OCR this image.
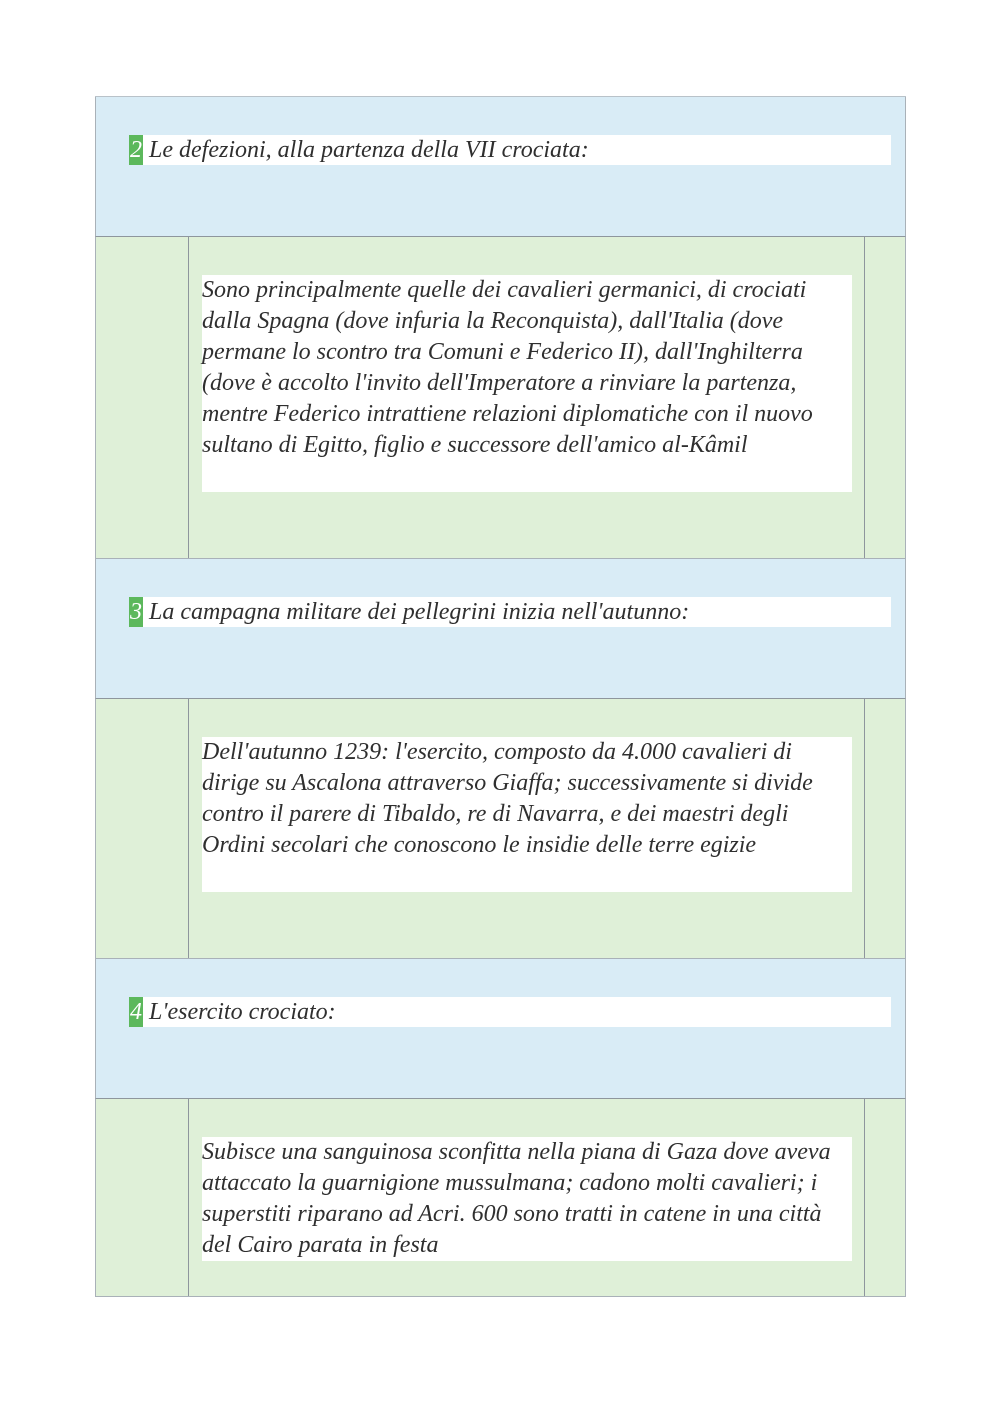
2 Le defezioni, alla partenza della VII crociata:
Sono principalmente quelle dei cavalieri germanici, di crociati dalla Spagna (dove infuria la Reconquista), dall'Italia (dove permane lo scontro tra Comuni e Federico II), dall'Inghilterra (dove è accolto l'invito dell'Imperatore a rinviare la partenza, mentre Federico intrattiene relazioni diplomatiche con il nuovo sultano di Egitto, figlio e successore dell'amico al-Kâmil
3 La campagna militare dei pellegrini inizia nell'autunno:
Dell'autunno 1239: l'esercito, composto da 4.000 cavalieri di dirige su Ascalona attraverso Giaffa; successivamente si divide contro il parere di Tibaldo, re di Navarra, e dei maestri degli Ordini secolari che conoscono le insidie delle terre egizie
4 L'esercito crociato:
Subisce una sanguinosa sconfitta nella piana di Gaza dove aveva attaccato la guarnigione mussulmana; cadono molti cavalieri; i superstiti riparano ad Acri. 600 sono tratti in catene in una città del Cairo parata in festa
